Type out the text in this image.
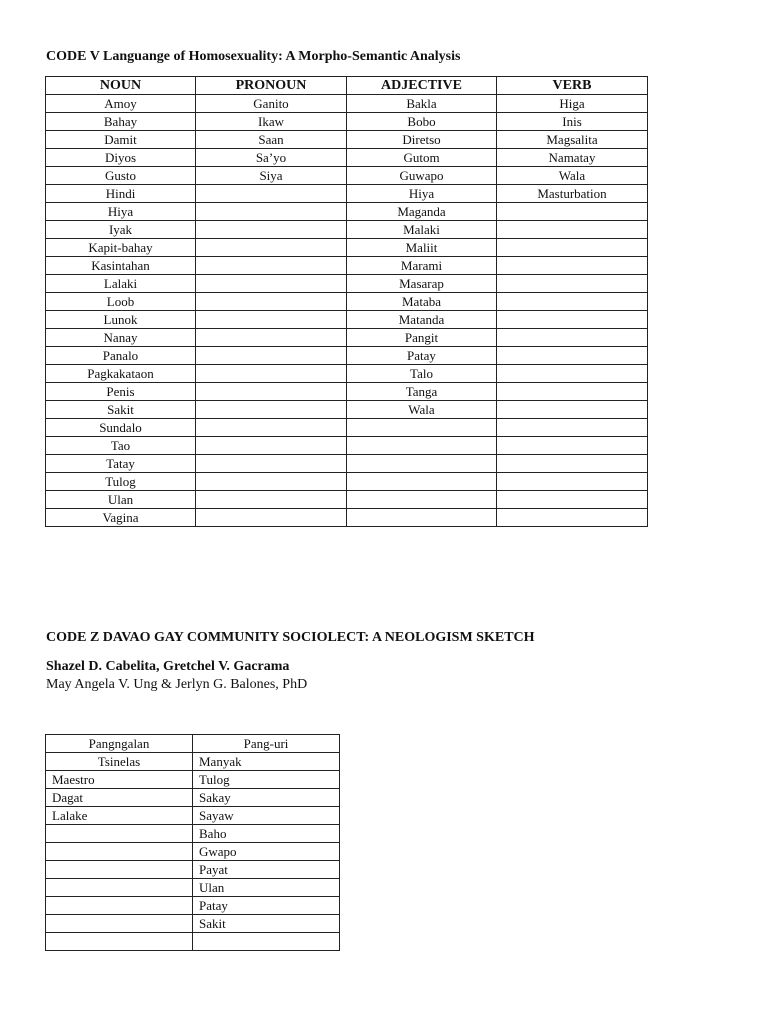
CODE V Languange of Homosexuality: A Morpho-Semantic Analysis
NOUN	PRONOUN	ADJECTIVE	VERB
Amoy	Ganito	Bakla	Higa
Bahay	Ikaw	Bobo	Inis
Damit	Saan	Diretso	Magsalita
Diyos	Sa’yo	Gutom	Namatay
Gusto	Siya	Guwapo	Wala
Hindi		Hiya	Masturbation
Hiya		Maganda	
Iyak		Malaki	
Kapit-bahay		Maliit	
Kasintahan		Marami	
Lalaki		Masarap	
Loob		Mataba	
Lunok		Matanda	
Nanay		Pangit	
Panalo		Patay	
Pagkakataon		Talo	
Penis		Tanga	
Sakit		Wala	
Sundalo			
Tao			
Tatay			
Tulog			
Ulan			
Vagina			
CODE Z DAVAO GAY COMMUNITY SOCIOLECT: A NEOLOGISM SKETCH
Shazel D. Cabelita, Gretchel V. Gacrama
May Angela V. Ung & Jerlyn G. Balones, PhD
Pangngalan	Pang-uri
Tsinelas	Manyak
Maestro	Tulog
Dagat	Sakay
Lalake	Sayaw
	Baho
	Gwapo
	Payat
	Ulan
	Patay
	Sakit
